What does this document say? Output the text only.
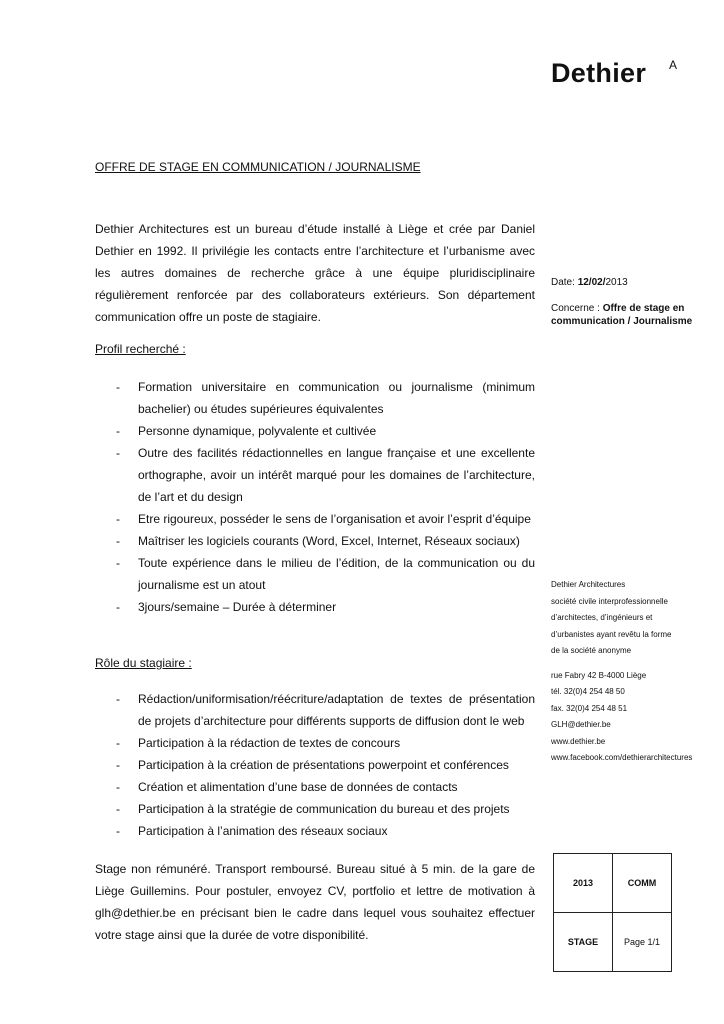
Dethier A
OFFRE DE STAGE EN COMMUNICATION / JOURNALISME
Dethier Architectures est un bureau d’étude installé à Liège et crée par Daniel Dethier en 1992. Il privilégie les contacts entre l’architecture et l’urbanisme avec les autres domaines de recherche grâce à une équipe pluridisciplinaire régulièrement renforcée par des collaborateurs extérieurs. Son département communication offre un poste de stagiaire.
Profil recherché :
- Formation universitaire en communication ou journalisme (minimum bachelier) ou études supérieures équivalentes
- Personne dynamique, polyvalente et cultivée
- Outre des facilités rédactionnelles en langue française et une excellente orthographe, avoir un intérêt marqué pour les domaines de l’architecture, de l’art et du design
- Etre rigoureux, posséder le sens de l’organisation et avoir l’esprit d’équipe
- Maîtriser les logiciels courants (Word, Excel, Internet, Réseaux sociaux)
- Toute expérience dans le milieu de l’édition, de la communication ou du journalisme est un atout
- 3jours/semaine – Durée à déterminer
Rôle du stagiaire :
- Rédaction/uniformisation/réécriture/adaptation de textes de présentation de projets d’architecture pour différents supports de diffusion dont le web
- Participation à la rédaction de textes de concours
- Participation à la création de présentations powerpoint et conférences
- Création et alimentation d’une base de données de contacts
- Participation à la stratégie de communication du bureau et des projets
- Participation à l’animation des réseaux sociaux
Stage non rémunéré. Transport remboursé. Bureau situé à 5 min. de la gare de Liège Guillemins. Pour postuler, envoyez CV, portfolio et lettre de motivation à glh@dethier.be en précisant bien le cadre dans lequel vous souhaitez effectuer votre stage ainsi que la durée de votre disponibilité.
Date: 12/02/2013
Concerne : Offre de stage en communication / Journalisme
Dethier Architectures
société civile interprofessionnelle
d’architectes, d’ingénieurs et
d’urbanistes ayant revêtu la forme
de la société anonyme
rue Fabry 42 B-4000 Liège
tél. 32(0)4 254 48 50
fax. 32(0)4 254 48 51
GLH@dethier.be
www.dethier.be
www.facebook.com/dethierarchitectures
2013	COMM
STAGE	Page 1/1
